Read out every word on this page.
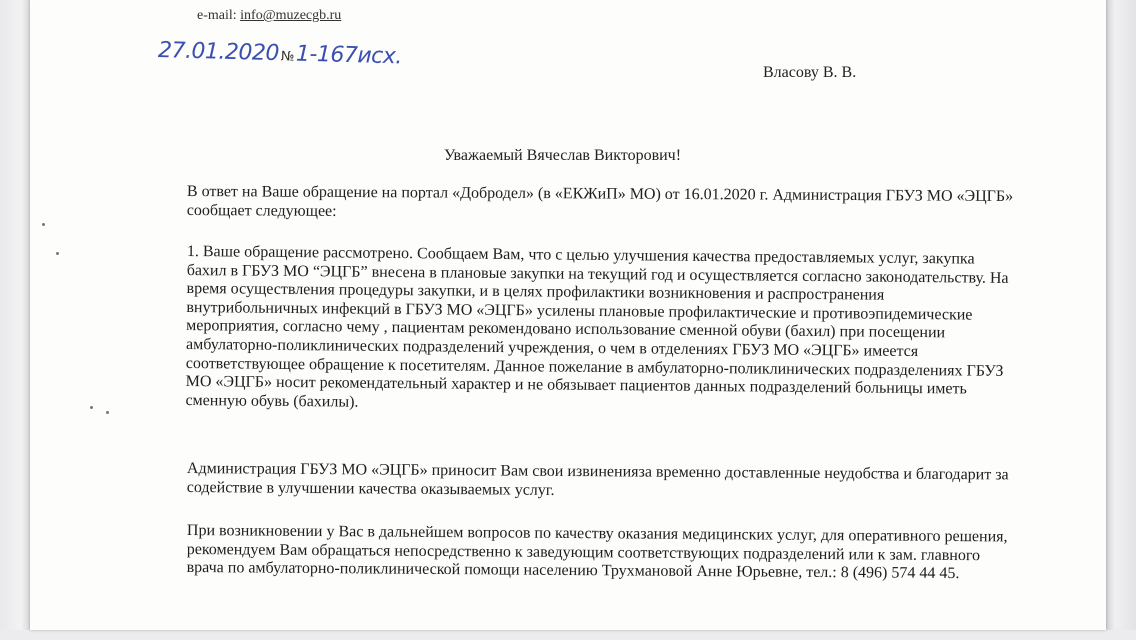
e-mail: info@muzecgb.ru
27.01.2020№1-167исх.
Власову В. В.
Уважаемый Вячеслав Викторович!

В ответ на Ваше обращение на портал «Добродел» (в «ЕКЖиП» МО) от 16.01.2020 г. Администрация ГБУЗ МО «ЭЦГБ» сообщает следующее:

1. Ваше обращение рассмотрено. Сообщаем Вам, что с целью улучшения качества предоставляемых услуг, закупка бахил в ГБУЗ МО “ЭЦГБ” внесена в плановые закупки на текущий год и осуществляется согласно законодательству. На время осуществления процедуры закупки, и в целях профилактики возникновения и распространения внутрибольничных инфекций в ГБУЗ МО «ЭЦГБ» усилены плановые профилактические и противоэпидемические мероприятия, согласно чему , пациентам рекомендовано использование сменной обуви (бахил) при посещении амбулаторно-поликлинических подразделений учреждения, о чем в отделениях ГБУЗ МО «ЭЦГБ» имеется соответствующее обращение к посетителям. Данное пожелание в амбулаторно-поликлинических подразделениях ГБУЗ МО «ЭЦГБ» носит рекомендательный характер и не обязывает пациентов данных подразделений больницы иметь сменную обувь (бахилы).

Администрация ГБУЗ МО «ЭЦГБ» приносит Вам свои извиненияза временно доставленные неудобства и благодарит за содействие в улучшении качества оказываемых услуг.

При возникновении у Вас в дальнейшем вопросов по качеству оказания медицинских услуг, для оперативного решения, рекомендуем Вам обращаться непосредственно к заведующим соответствующих подразделений или к зам. главного врача по амбулаторно-поликлинической помощи населению Трухмановой Анне Юрьевне, тел.: 8 (496) 574 44 45.
